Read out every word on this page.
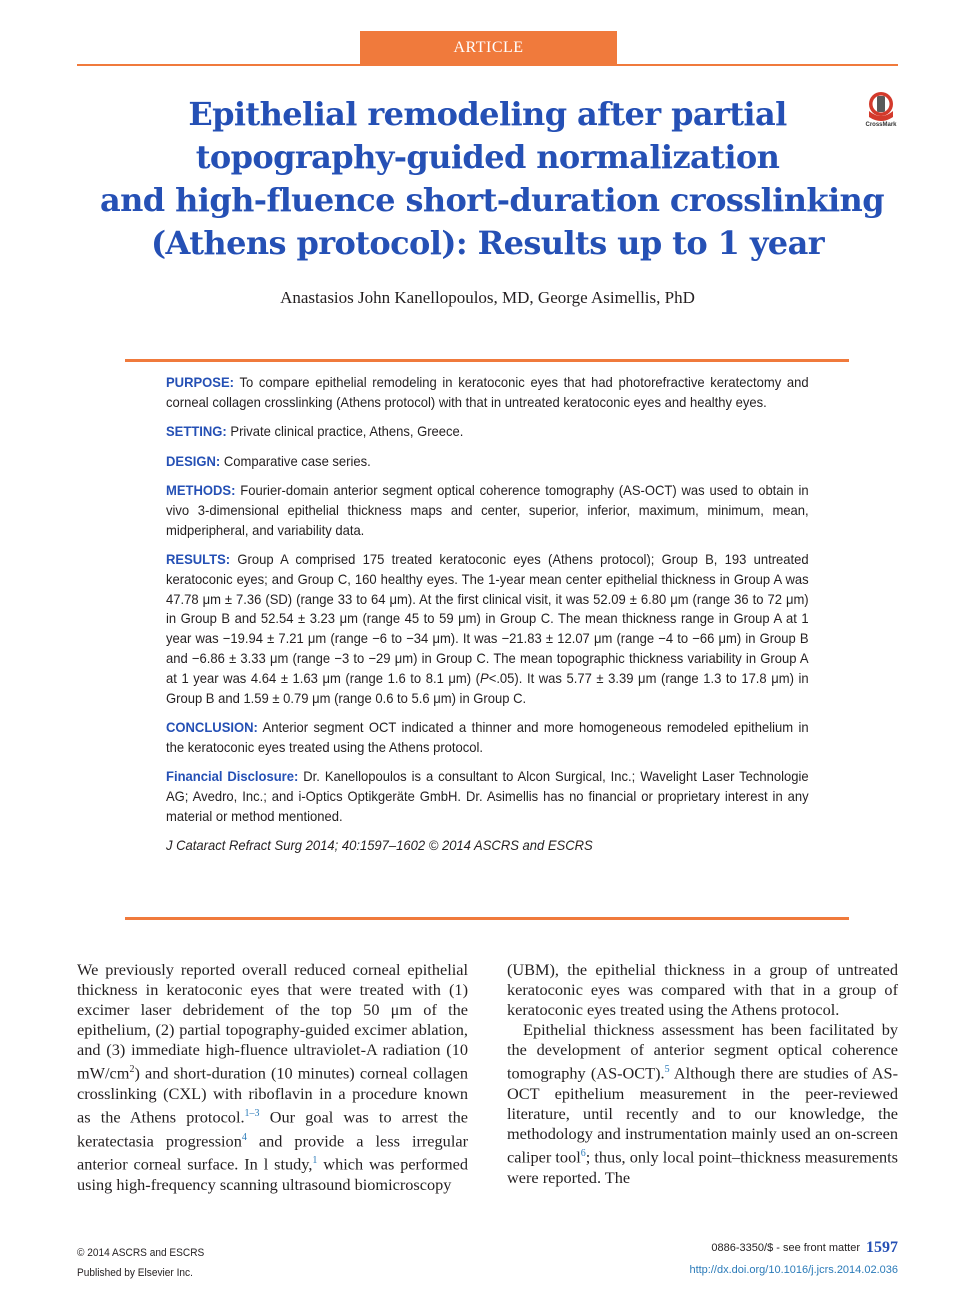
ARTICLE
CrossMark
Epithelial remodeling after partial
topography-guided normalization
and high-fluence short-duration crosslinking
(Athens protocol): Results up to 1 year
Anastasios John Kanellopoulos, MD, George Asimellis, PhD

PURPOSE: To compare epithelial remodeling in keratoconic eyes that had photorefractive keratectomy and corneal collagen crosslinking (Athens protocol) with that in untreated keratoconic eyes and healthy eyes.

SETTING: Private clinical practice, Athens, Greece.

DESIGN: Comparative case series.

METHODS: Fourier-domain anterior segment optical coherence tomography (AS-OCT) was used to obtain in vivo 3-dimensional epithelial thickness maps and center, superior, inferior, maximum, minimum, mean, midperipheral, and variability data.

RESULTS: Group A comprised 175 treated keratoconic eyes (Athens protocol); Group B, 193 untreated keratoconic eyes; and Group C, 160 healthy eyes. The 1-year mean center epithelial thickness in Group A was 47.78 μm ± 7.36 (SD) (range 33 to 64 μm). At the first clinical visit, it was 52.09 ± 6.80 μm (range 36 to 72 μm) in Group B and 52.54 ± 3.23 μm (range 45 to 59 μm) in Group C. The mean thickness range in Group A at 1 year was −19.94 ± 7.21 μm (range −6 to −34 μm). It was −21.83 ± 12.07 μm (range −4 to −66 μm) in Group B and −6.86 ± 3.33 μm (range −3 to −29 μm) in Group C. The mean topographic thickness variability in Group A at 1 year was 4.64 ± 1.63 μm (range 1.6 to 8.1 μm) (P<.05). It was 5.77 ± 3.39 μm (range 1.3 to 17.8 μm) in Group B and 1.59 ± 0.79 μm (range 0.6 to 5.6 μm) in Group C.

CONCLUSION: Anterior segment OCT indicated a thinner and more homogeneous remodeled epithelium in the keratoconic eyes treated using the Athens protocol.

Financial Disclosure: Dr. Kanellopoulos is a consultant to Alcon Surgical, Inc.; Wavelight Laser Technologie AG; Avedro, Inc.; and i-Optics Optikgeräte GmbH. Dr. Asimellis has no financial or proprietary interest in any material or method mentioned.

J Cataract Refract Surg 2014; 40:1597–1602 © 2014 ASCRS and ESCRS

We previously reported overall reduced corneal epithelial thickness in keratoconic eyes that were treated with (1) excimer laser debridement of the top 50 μm of the epithelium, (2) partial topography-guided excimer ablation, and (3) immediate high-fluence ultraviolet-A radiation (10 $mW/cm^2$) and short-duration (10 minutes) corneal collagen crosslinking (CXL) with riboflavin in a procedure known as the Athens protocol.$^{1-3}$ Our goal was to arrest the keratectasia progression$^4$ and provide a less irregular anterior corneal surface. In l study,$^1$ which was performed using high-frequency scanning ultrasound biomicroscopy

(UBM), the epithelial thickness in a group of untreated keratoconic eyes was compared with that in a group of keratoconic eyes treated using the Athens protocol.

Epithelial thickness assessment has been facilitated by the development of anterior segment optical coherence tomography (AS-OCT).$^5$ Although there are studies of AS-OCT epithelium measurement in the peer-reviewed literature, until recently and to our knowledge, the methodology and instrumentation mainly used an on-screen caliper tool$^6$; thus, only local point–thickness measurements were reported. The

© 2014 ASCRS and ESCRS
Published by Elsevier Inc.
0886-3350/$ - see front matter 1597
http://dx.doi.org/10.1016/j.jcrs.2014.02.036
